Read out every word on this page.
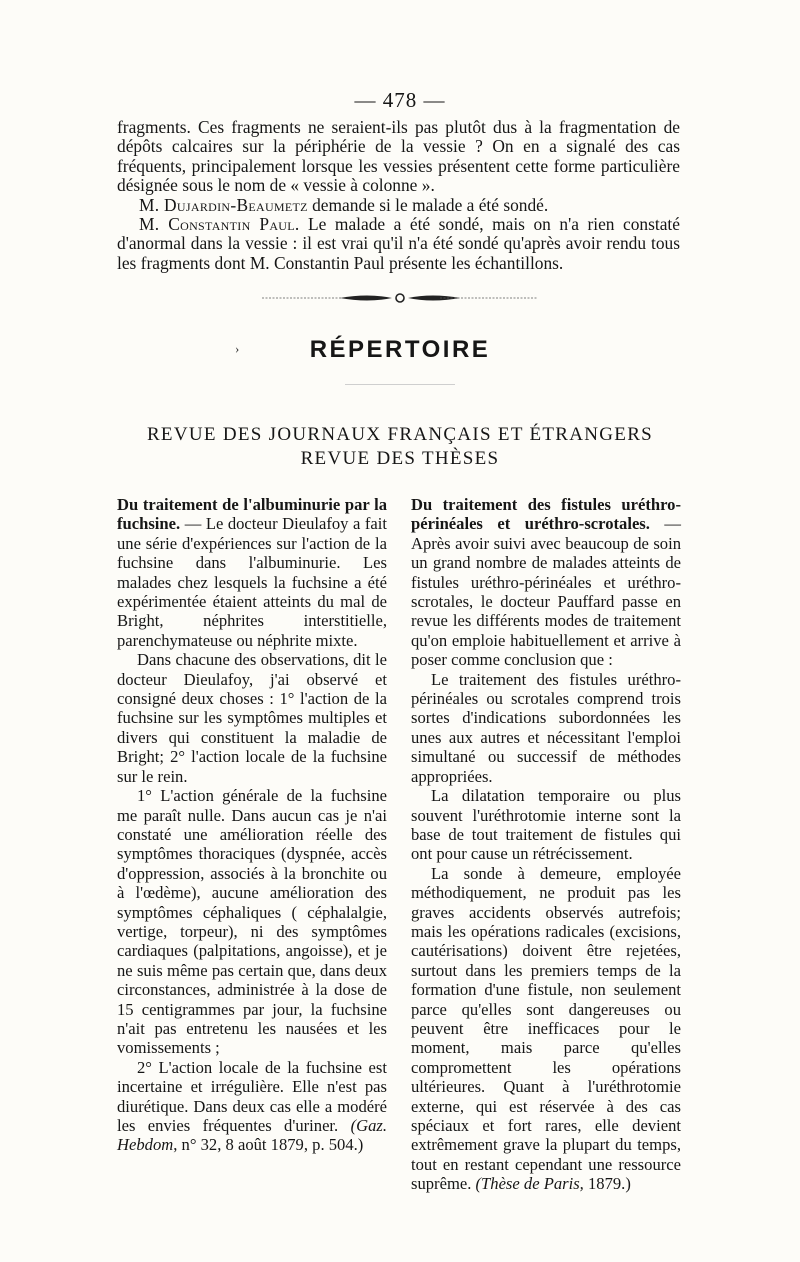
— 478 —

fragments. Ces fragments ne seraient-ils pas plutôt dus à la fragmentation de dépôts calcaires sur la périphérie de la vessie ? On en a signalé des cas fréquents, principalement lorsque les vessies présentent cette forme particulière désignée sous le nom de « vessie à colonne ».

M. Dujardin-Beaumetz demande si le malade a été sondé.

M. Constantin Paul. Le malade a été sondé, mais on n'a rien constaté d'anormal dans la vessie : il est vrai qu'il n'a été sondé qu'après avoir rendu tous les fragments dont M. Constantin Paul présente les échantillons.

›	RÉPERTOIRE
REVUE DES JOURNAUX FRANÇAIS ET ÉTRANGERS
REVUE DES THÈSES

Du traitement de l'albuminurie par la fuchsine. — Le docteur Dieulafoy a fait une série d'expériences sur l'action de la fuchsine dans l'albuminurie. Les malades chez lesquels la fuchsine a été expérimentée étaient atteints du mal de Bright, néphrites interstitielle, parenchymateuse ou néphrite mixte.

Dans chacune des observations, dit le docteur Dieulafoy, j'ai observé et consigné deux choses : 1° l'action de la fuchsine sur les symptômes multiples et divers qui constituent la maladie de Bright; 2° l'action locale de la fuchsine sur le rein.

1° L'action générale de la fuchsine me paraît nulle. Dans aucun cas je n'ai constaté une amélioration réelle des symptômes thoraciques (dyspnée, accès d'oppression, associés à la bronchite ou à l'œdème), aucune amélioration des symptômes céphaliques ( céphalalgie, vertige, torpeur), ni des symptômes cardiaques (palpitations, angoisse), et je ne suis même pas certain que, dans deux circonstances, administrée à la dose de 15 centigrammes par jour, la fuchsine n'ait pas entretenu les nausées et les vomissements ;

2° L'action locale de la fuchsine est incertaine et irrégulière. Elle n'est pas diurétique. Dans deux cas elle a modéré les envies fréquentes d'uriner. (Gaz. Hebdom, n° 32, 8 août 1879, p. 504.)

Du traitement des fistules uréthro-périnéales et uréthro-scrotales. — Après avoir suivi avec beaucoup de soin un grand nombre de malades atteints de fistules uréthro-périnéales et uréthro-scrotales, le docteur Pauffard passe en revue les différents modes de traitement qu'on emploie habituellement et arrive à poser comme conclusion que :

Le traitement des fistules uréthro-périnéales ou scrotales comprend trois sortes d'indications subordonnées les unes aux autres et nécessitant l'emploi simultané ou successif de méthodes appropriées.

La dilatation temporaire ou plus souvent l'uréthrotomie interne sont la base de tout traitement de fistules qui ont pour cause un rétrécissement.

La sonde à demeure, employée méthodiquement, ne produit pas les graves accidents observés autrefois; mais les opérations radicales (excisions, cautérisations) doivent être rejetées, surtout dans les premiers temps de la formation d'une fistule, non seulement parce qu'elles sont dangereuses ou peuvent être inefficaces pour le moment, mais parce qu'elles compromettent les opérations ultérieures. Quant à l'uréthrotomie externe, qui est réservée à des cas spéciaux et fort rares, elle devient extrêmement grave la plupart du temps, tout en restant cependant une ressource suprême. (Thèse de Paris, 1879.)
